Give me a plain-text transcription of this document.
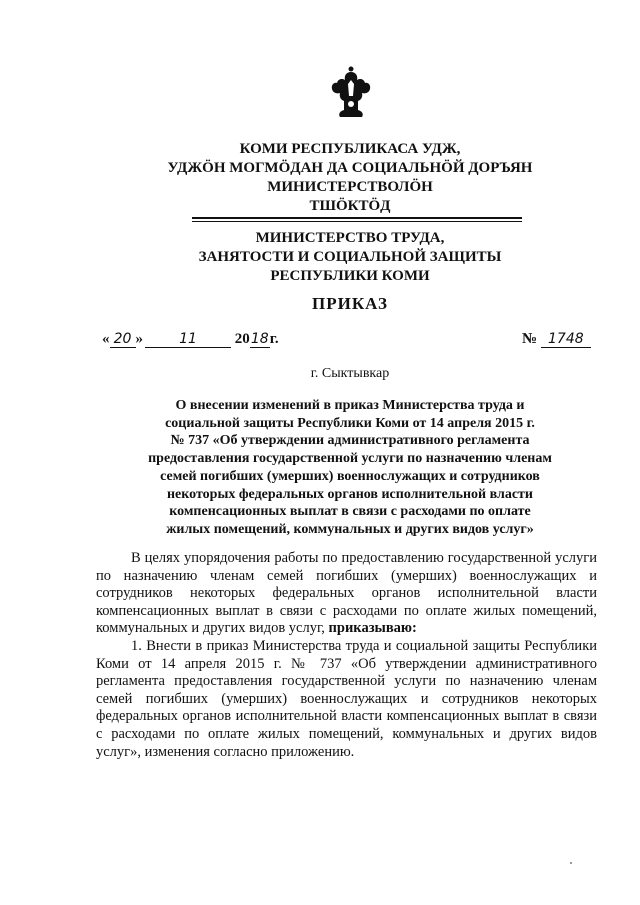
КОМИ РЕСПУБЛИКАСА УДЖ,
УДЖÖН МОГМÖДАН ДА СОЦИАЛЬНÖЙ ДОРЪЯН
МИНИСТЕРСТВОЛÖН
ТШÖКТÖД
МИНИСТЕРСТВО ТРУДА,
ЗАНЯТОСТИ И СОЦИАЛЬНОЙ ЗАЩИТЫ
РЕСПУБЛИКИ КОМИ
ПРИКАЗ
« 20 »	11	2018г.	№ 1748
г. Сыктывкар
О внесении изменений в приказ Министерства труда и
социальной защиты Республики Коми от 14 апреля 2015 г.
№ 737 «Об утверждении административного регламента
предоставления государственной услуги по назначению членам
семей погибших (умерших) военнослужащих и сотрудников
некоторых федеральных органов исполнительной власти
компенсационных выплат в связи с расходами по оплате
жилых помещений, коммунальных и других видов услуг»

В целях упорядочения работы по предоставлению государственной услуги по назначению членам семей погибших (умерших) военнослужащих и сотрудников некоторых федеральных органов исполнительной власти компенсационных выплат в связи с расходами по оплате жилых помещений, коммунальных и других видов услуг, приказываю:

1. Внести в приказ Министерства труда и социальной защиты Республики Коми от 14 апреля 2015 г. № 737 «Об утверждении административного регламента предоставления государственной услуги по назначению членам семей погибших (умерших) военнослужащих и сотрудников некоторых федеральных органов исполнительной власти компенсационных выплат в связи с расходами по оплате жилых помещений, коммунальных и других видов услуг», изменения согласно приложению.
